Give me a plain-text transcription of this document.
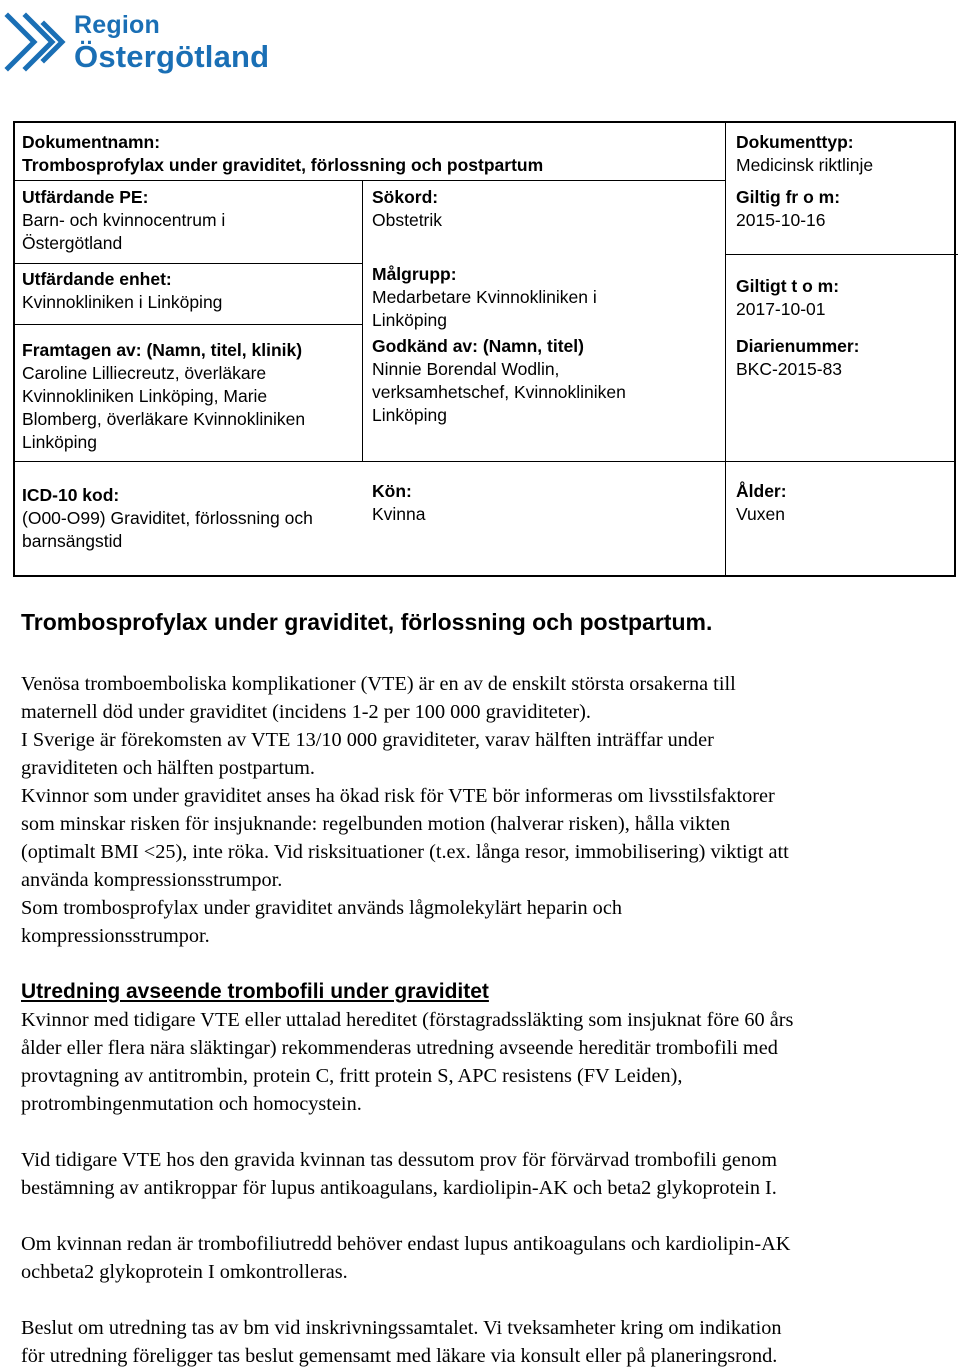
Region
Östergötland
Dokumentnamn:
Trombosprofylax under graviditet, förlossning och postpartum
Dokumenttyp:
Medicinsk riktlinje
Utfärdande PE:
Barn- och kvinnocentrum i
Östergötland
Sökord:
Obstetrik
Giltig fr o m:
2015-10-16
Utfärdande enhet:
Kvinnokliniken i Linköping
Målgrupp:
Medarbetare Kvinnokliniken i
Linköping
Giltigt t o m:
2017-10-01
Framtagen av: (Namn, titel, klinik)
Caroline Lilliecreutz, överläkare
Kvinnokliniken Linköping, Marie
Blomberg, överläkare Kvinnokliniken
Linköping
Godkänd av: (Namn, titel)
Ninnie Borendal Wodlin,
verksamhetschef, Kvinnokliniken
Linköping
Diarienummer:
BKC-2015-83
ICD-10 kod:
(O00-O99) Graviditet, förlossning och
barnsängstid
Kön:
Kvinna
Ålder:
Vuxen
Trombosprofylax under graviditet, förlossning och postpartum.

Venösa tromboemboliska komplikationer (VTE) är en av de enskilt största orsakerna till

maternell död under graviditet (incidens 1-2 per 100 000 graviditeter).

I Sverige är förekomsten av VTE 13/10 000 graviditeter, varav hälften inträffar under

graviditeten och hälften postpartum.

Kvinnor som under graviditet anses ha ökad risk för VTE bör informeras om livsstilsfaktorer

som minskar risken för insjuknande: regelbunden motion (halverar risken), hålla vikten

(optimalt BMI <25), inte röka. Vid risksituationer (t.ex. långa resor, immobilisering) viktigt att

använda kompressionsstrumpor.

Som trombosprofylax under graviditet används lågmolekylärt heparin och

kompressionsstrumpor.

Utredning avseende trombofili under graviditet

Kvinnor med tidigare VTE eller uttalad hereditet (förstagradssläkting som insjuknat före 60 års

ålder eller flera nära släktingar) rekommenderas utredning avseende hereditär trombofili med

provtagning av antitrombin, protein C, fritt protein S, APC resistens (FV Leiden),

protrombingenmutation och homocystein.

Vid tidigare VTE hos den gravida kvinnan tas dessutom prov för förvärvad trombofili genom

bestämning av antikroppar för lupus antikoagulans, kardiolipin-AK och beta2 glykoprotein I.

Om kvinnan redan är trombofiliutredd behöver endast lupus antikoagulans och kardiolipin-AK

ochbeta2 glykoprotein I omkontrolleras.

Beslut om utredning tas av bm vid inskrivningssamtalet. Vi tveksamheter kring om indikation

för utredning föreligger tas beslut gemensamt med läkare via konsult eller på planeringsrond.
